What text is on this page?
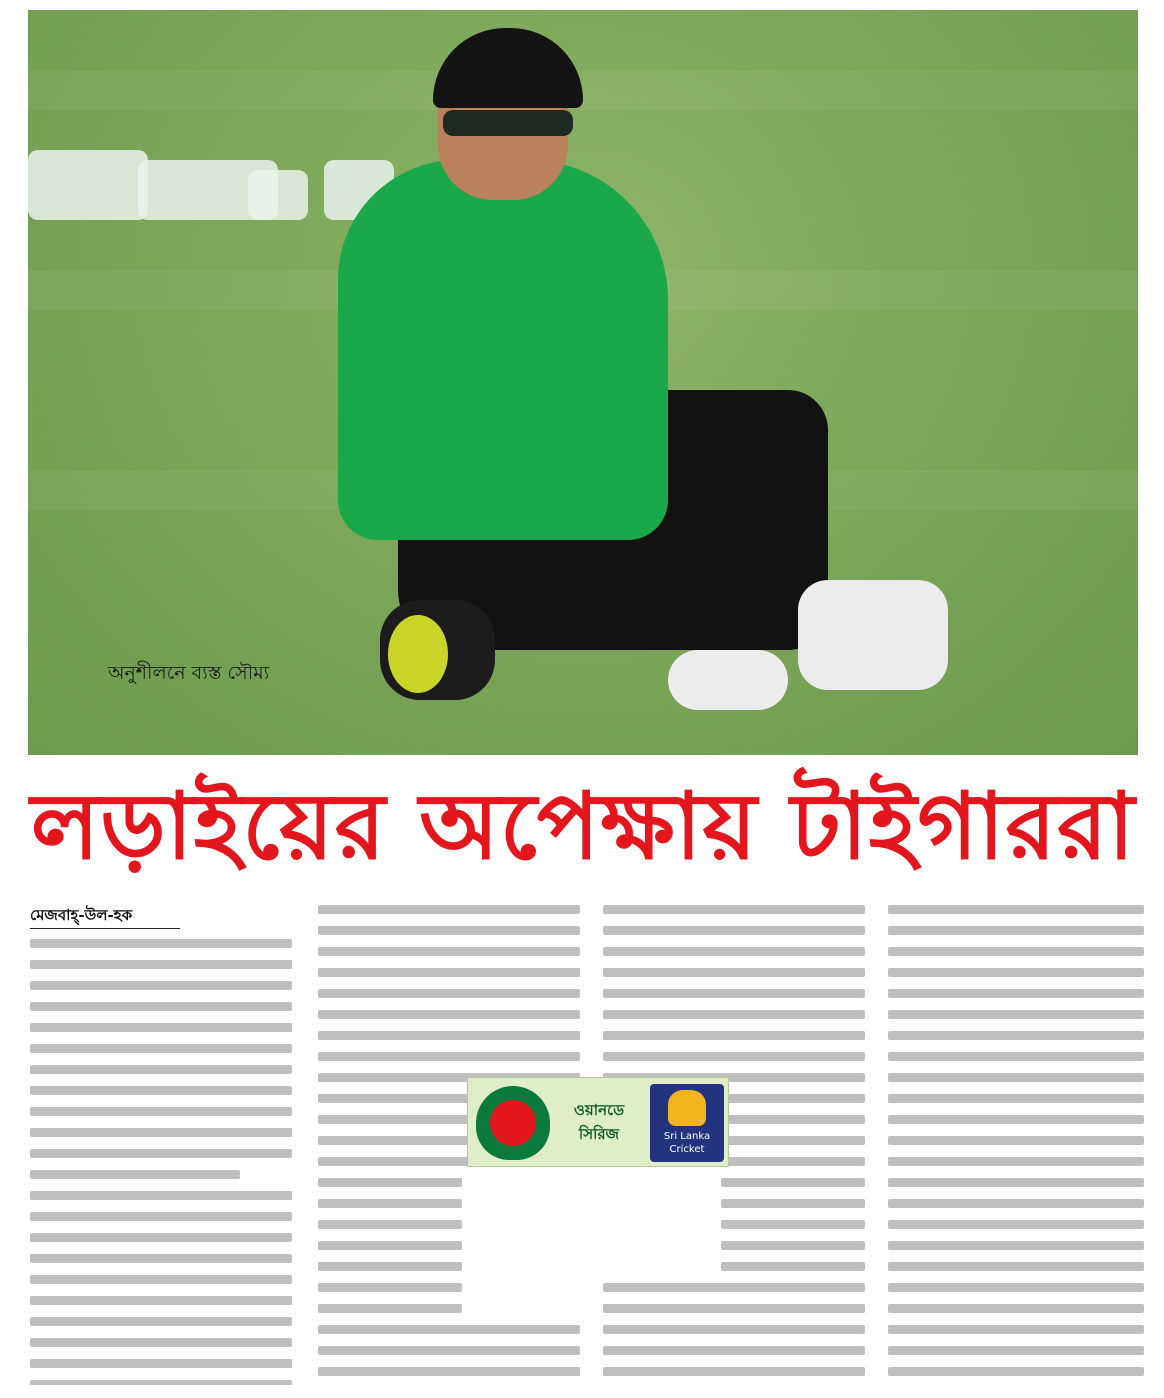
অনুশীলনে ব্যস্ত সৌম্য
লড়াইয়ের অপেক্ষায় টাইগাররা
মেজবাহ্-উল-হক
ওয়ানডে সিরিজ	Sri Lanka Cricket
